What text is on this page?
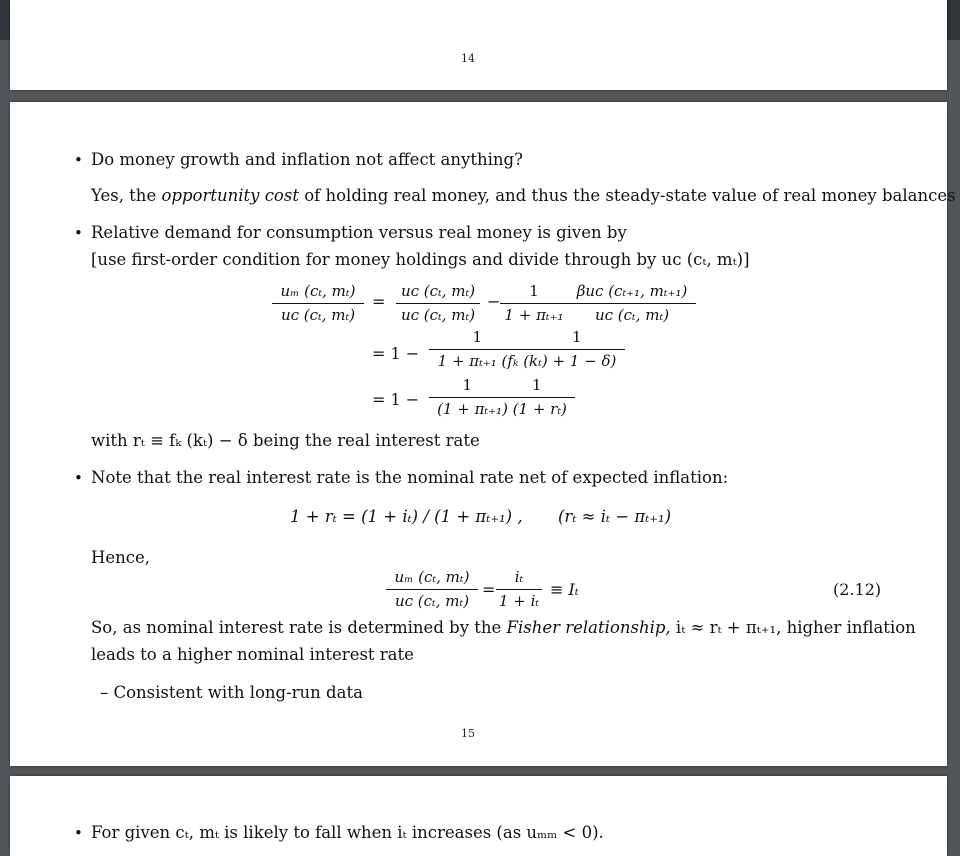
14
• Do money growth and inflation not affect anything?
Yes, the opportunity cost of holding real money, and thus the steady-state value of real money balances
• Relative demand for consumption versus real money is given by
[use first-order condition for money holdings and divide through by uᴄ (cₜ, mₜ)]
uₘ (cₜ, mₜ)
uᴄ (cₜ, mₜ)
=
uᴄ (cₜ, mₜ)
uᴄ (cₜ, mₜ)
−
1
1 + πₜ₊₁
βuᴄ (cₜ₊₁, mₜ₊₁)
uᴄ (cₜ, mₜ)
= 1 −
1      1
1 + πₜ₊₁ (fₖ (kₜ) + 1 − δ)
= 1 −
1    1
(1 + πₜ₊₁) (1 + rₜ)
with rₜ ≡ fₖ (kₜ) − δ being the real interest rate
• Note that the real interest rate is the nominal rate net of expected inflation:
1 + rₜ = (1 + iₜ) / (1 + πₜ₊₁) , (rₜ ≈ iₜ − πₜ₊₁)
Hence,
uₘ (cₜ, mₜ)
uᴄ (cₜ, mₜ)
=
iₜ
1 + iₜ
≡ Iₜ	(2.12)
So, as nominal interest rate is determined by the Fisher relationship, iₜ ≈ rₜ + πₜ₊₁, higher inflation
leads to a higher nominal interest rate
– Consistent with long-run data
15
• For given cₜ, mₜ is likely to fall when iₜ increases (as uₘₘ < 0).
